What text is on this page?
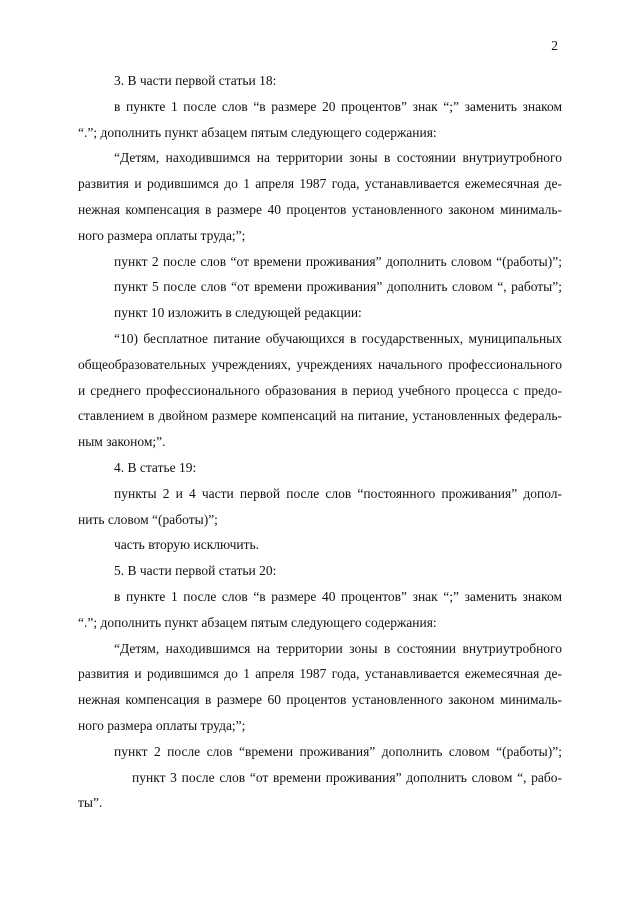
2
3. В части первой статьи 18:
в пункте 1 после слов “в размере 20 процентов” знак “;” заменить знаком
“.”; дополнить пункт абзацем пятым следующего содержания:
“Детям, находившимся на территории зоны в состоянии внутриутробного
развития и родившимся до 1 апреля 1987 года, устанавливается ежемесячная де-
нежная компенсация в размере 40 процентов установленного законом минималь-
ного размера оплаты труда;”;
пункт 2 после слов “от времени проживания” дополнить словом “(работы)”;
пункт 5 после слов “от времени проживания” дополнить словом “, работы”;
пункт 10 изложить в следующей редакции:
“10) бесплатное питание обучающихся в государственных, муниципальных
общеобразовательных учреждениях, учреждениях начального профессионального
и среднего профессионального образования в период учебного процесса с предо-
ставлением в двойном размере компенсаций на питание, установленных федераль-
ным законом;”.
4. В статье 19:
пункты 2 и 4 части первой после слов “постоянного проживания” допол-
нить словом “(работы)”;
часть вторую исключить.
5. В части первой статьи 20:
в пункте 1 после слов “в размере 40 процентов” знак “;” заменить знаком
“.”; дополнить пункт абзацем пятым следующего содержания:
“Детям, находившимся на территории зоны в состоянии внутриутробного
развития и родившимся до 1 апреля 1987 года, устанавливается ежемесячная де-
нежная компенсация в размере 60 процентов установленного законом минималь-
ного размера оплаты труда;”;
пункт 2 после слов “времени проживания” дополнить словом “(работы)”;
пункт 3 после слов “от времени проживания” дополнить словом “, рабо-
ты”.
